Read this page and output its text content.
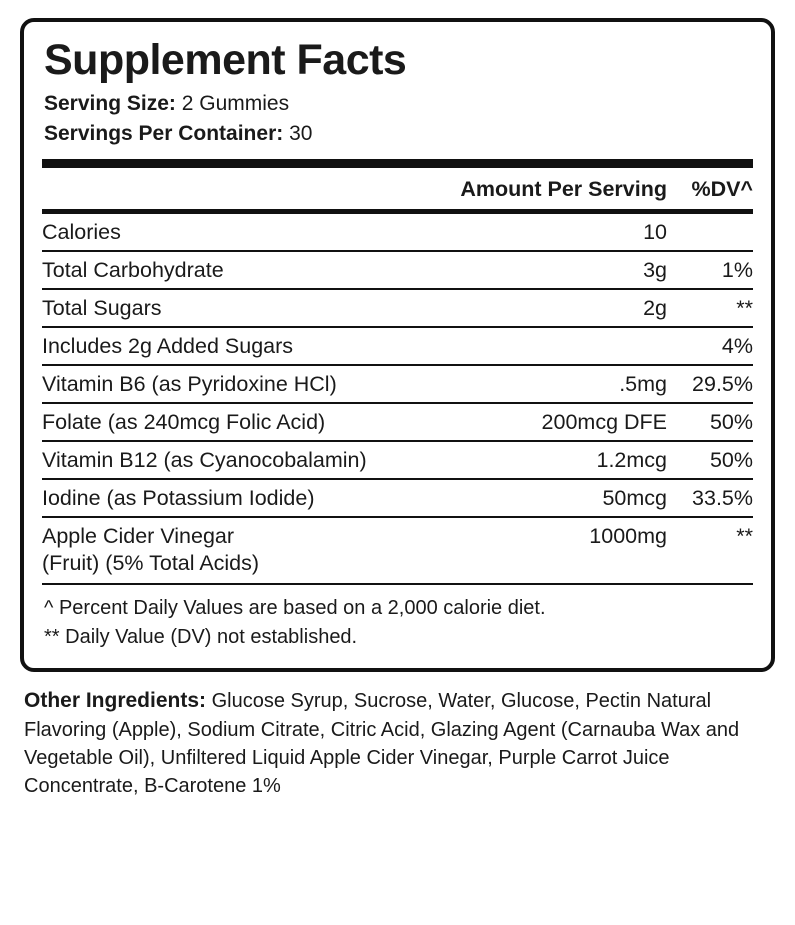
Supplement Facts
Serving Size: 2 Gummies
Servings Per Container: 30
	Amount Per Serving	%DV^
Calories	10	
Total Carbohydrate	3g	1%
Total Sugars	2g	**
Includes 2g Added Sugars		4%
Vitamin B6 (as Pyridoxine HCl)	.5mg	29.5%
Folate (as 240mcg Folic Acid)	200mcg DFE	50%
Vitamin B12 (as Cyanocobalamin)	1.2mcg	50%
Iodine (as Potassium Iodide)	50mcg	33.5%
Apple Cider Vinegar	1000mg	**
(Fruit) (5% Total Acids)		
^ Percent Daily Values are based on a 2,000 calorie diet.
** Daily Value (DV) not established.
Other Ingredients: Glucose Syrup, Sucrose, Water, Glucose, Pectin Natural Flavoring (Apple), Sodium Citrate, Citric Acid, Glazing Agent (Carnauba Wax and Vegetable Oil), Unfiltered Liquid Apple Cider Vinegar, Purple Carrot Juice Concentrate, B-Carotene 1%
